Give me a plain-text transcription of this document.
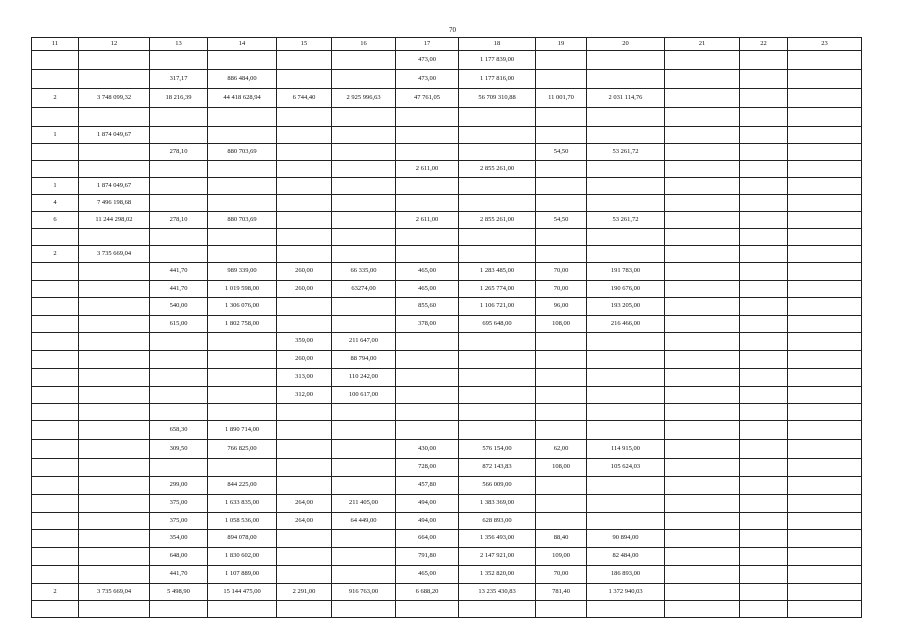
70
11	12	13	14	15	16	17	18	19	20	21	22	23
						473,00	1 177 839,00					
		317,17	886 484,00			473,00	1 177 816,00					
2	3 748 099,32	18 216,39	44 418 628,94	6 744,40	2 925 996,63	47 761,05	56 709 310,88	11 001,70	2 031 114,76			

1	1 874 049,67											
		278,10	880 703,69					54,50	53 261,72			
						2 611,00	2 855 261,00					
1	1 874 049,67											
4	7 496 198,68											
6	11 244 298,02	278,10	880 703,69			2 611,00	2 855 261,00	54,50	53 261,72			

2	3 735 669,04											
		441,70	989 339,00	260,00	66 335,00	465,00	1 283 485,00	70,00	191 783,00			
		441,70	1 019 598,00	260,00	63274,00	465,00	1 265 774,00	70,00	190 676,00			
		540,00	1 306 076,00			855,60	1 106 721,00	96,00	193 205,00			
		615,00	1 802 758,00			378,00	695 648,00	108,00	216 466,00			
				359,00	211 647,00							
				260,00	88 794,00							
				313,00	110 242,00							
				312,00	100 617,00							

		658,30	1 890 714,00									
		309,50	766 825,00			430,00	576 154,00	62,00	114 915,00			
						728,00	872 143,83	108,00	105 624,03			
		299,00	844 225,00			457,80	566 009,00					
		375,00	1 633 835,00	264,00	211 405,00	494,00	1 383 369,00					
		375,00	1 058 536,00	264,00	64 449,00	494,00	628 893,00					
		354,00	894 078,00			664,00	1 356 493,00	88,40	90 894,00			
		648,00	1 830 602,00			791,80	2 147 921,00	109,00	82 484,00			
		441,70	1 107 889,00			465,00	1 352 820,00	70,00	186 893,00			
2	3 735 669,04	5 498,90	15 144 475,00	2 291,00	916 763,00	6 688,20	13 235 430,83	781,40	1 372 940,03			
